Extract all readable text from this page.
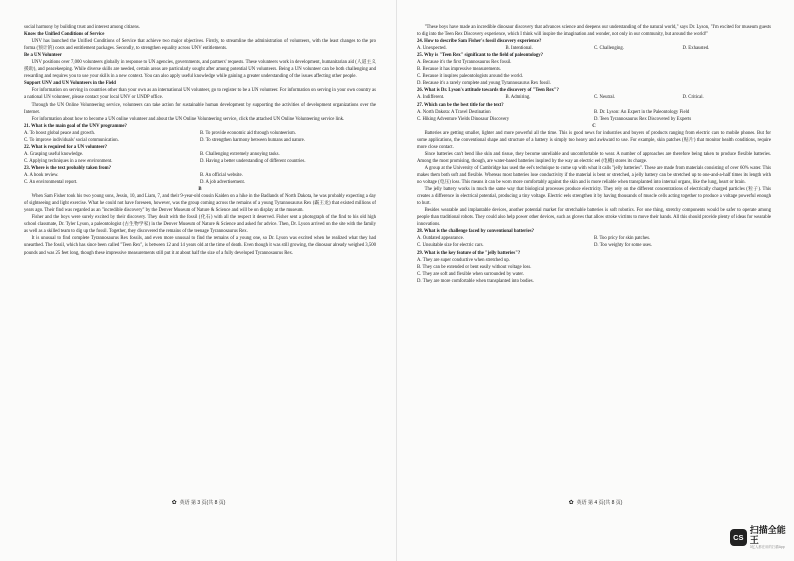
social harmony by building trust and interest among citizens.

Know the Unified Conditions of Service

UNV has launched the Unified Conditions of Service that achieve two major objectives. Firstly, to streamline the administration of volunteers, with the least changes to the pro forma (预计的) costs and entitlement packages. Secondly, to strengthen equality across UNV entitlements.

Be a UN Volunteer

UNV positions over 7,000 volunteers globally in response to UN agencies, governments, and partners' requests. These volunteers work in development, humanitarian aid (人道主义援助), and peacekeeping. While diverse skills are needed, certain areas are particularly sought after among potential UN volunteers. Being a UN volunteer can be both challenging and rewarding and requires you to use your skills in a new context. You can also apply useful knowledge while gaining a greater understanding of the issues affecting other people.

Support UNV and UN Volunteers in the Field

For information on serving in countries other than your own as an international UN volunteer, go to register to be a UN volunteer. For information on serving in your own country as a national UN volunteer, please contact your local UNV or UNDP office.

Through the UN Online Volunteering service, volunteers can take action for sustainable human development by supporting the activities of development organizations over the Internet.

For information about how to become a UN online volunteer and about the UN Online Volunteering service, click the attached UN Online Volunteering service link.

21. What is the main goal of the UNV programme?

A. To boost global peace and growth.	B. To provide economic aid through volunteerism.
C. To improve individuals' social communication.	D. To strengthen harmony between humans and nature.

22. What is required for a UN volunteer?

A. Grasping useful knowledge.	B. Challenging extremely annoying tasks.
C. Applying techniques in a new environment.	D. Having a better understanding of different countries.

23. Where is the text probably taken from?

A. A book review.	B. An official website.
C. An environmental report.	D. A job advertisement.

B

When Sam Fisher took his two young sons, Jessin, 10, and Liam, 7, and their 9-year-old cousin Kaiden on a hike in the Badlands of North Dakota, he was probably expecting a day of sightseeing and light exercise. What he could not have foreseen, however, was the group coming across the remains of a young Tyrannosaurus Rex (霸王龙) that existed millions of years ago. Their find was regarded as an "incredible discovery" by the Denver Museum of Nature & Science and will be on display at the museum.

Fisher and the boys were surely excited by their discovery. They dealt with the fossil (化石) with all the respect it deserved. Fisher sent a photograph of the find to his old high school classmate, Dr. Tyler Lyson, a paleontologist (古生物学家) in the Denver Museum of Nature & Science and asked for advice. Then, Dr. Lyson arrived on the site with the family as well as a skilled team to dig up the fossil. Together, they discovered the remains of the teenage Tyrannosaurus Rex.

It is unusual to find complete Tyrannosaurus Rex fossils, and even more unusual to find the remains of a young one, so Dr. Lyson was excited when he realized what they had unearthed. The fossil, which has since been called "Teen Rex", is between 12 and 14 years old at the time of death. Even though it was still growing, the dinosaur already weighed 3,500 pounds and was 25 feet long, though these impressive measurements still put it at about half the size of a fully developed Tyrannosaurus Rex.

✿ 英语 第 3 页(共 8 页)

"These boys have made an incredible dinosaur discovery that advances science and deepens our understanding of the natural world," says Dr. Lyson, "I'm excited for museum guests to dig into the Teen Rex Discovery experience, which I think will inspire the imagination and wonder, not only in our community, but around the world!"

24. How to describe Sam Fisher's fossil discovery experience?

A. Unexpected.	B. Intentional.	C. Challenging.	D. Exhausted.

25. Why is "Teen Rex" significant to the field of paleontology?

A. Because it's the first Tyrannosaurus Rex fossil.
B. Because it has impressive measurements.
C. Because it inspires paleontologists around the world.
D. Because it's a rarely complete and young Tyrannosaurus Rex fossil.

26. What is Dr. Lyson's attitude towards the discovery of "Teen Rex"?

A. Indifferent.	B. Admiring.	C. Neutral.	D. Critical.

27. Which can be the best title for the text?

A. North Dakota: A Travel Destination	B. Dr. Lyson: An Expert in the Paleontology Field
C. Hiking Adventure Yields Dinosaur Discovery	D. Teen Tyrannosaurus Rex Discovered by Experts

C

Batteries are getting smaller, lighter and more powerful all the time. This is good news for industries and buyers of products ranging from electric cars to mobile phones. But for some applications, the conventional shape and structure of a battery is simply too heavy and awkward to use. For example, skin patches (贴片) that monitor health conditions, require more close contact.

Since batteries can't bend like skin and tissue, they become unreliable and uncomfortable to wear. A number of approaches are therefore being taken to produce flexible batteries. Among the most promising, though, are water-based batteries inspired by the way an electric eel (电鳗) stores its charge.

A group at the University of Cambridge has used the eel's technique to come up with what it calls "jelly batteries". These are made from materials consisting of over 60% water. This makes them both soft and flexible. Whereas most batteries lose conductivity if the material is bent or stretched, a jelly battery can be stretched up to one-and-a-half times its length with no voltage (电压) loss. This means it can be worn more comfortably against the skin and is more reliable when transplanted into internal organs, like the lung, heart or brain.

The jelly battery works in much the same way that biological processes produce electricity. They rely on the different concentrations of electrically charged particles (粒子). This creates a difference in electrical potential, producing a tiny voltage. Electric eels strengthen it by having thousands of muscle cells acting together to produce a voltage powerful enough to hurt.

Besides wearable and implantable devices, another potential market for stretchable batteries is soft robotics. For one thing, stretchy components would be safer to operate among people than traditional robots. They could also help power other devices, such as gloves that allow stroke victims to move their hands. All this should provide plenty of ideas for wearable innovations.

28. What is the challenge faced by conventional batteries?

A. Outdated appearance.	B. Too pricy for skin patches.
C. Unsuitable size for electric cars.	D. Too weighty for some uses.

29. What is the key feature of the "jelly batteries"?

A. They are super conductive when stretched up.
B. They can be extended or bent easily without voltage loss.
C. They are soft and flexible when surrounded by water.
D. They are more comfortable when transplanted into bodies.
✿ 英语 第 4 页(共 8 页)
CS
扫描全能王
3亿人都在用的扫描App
